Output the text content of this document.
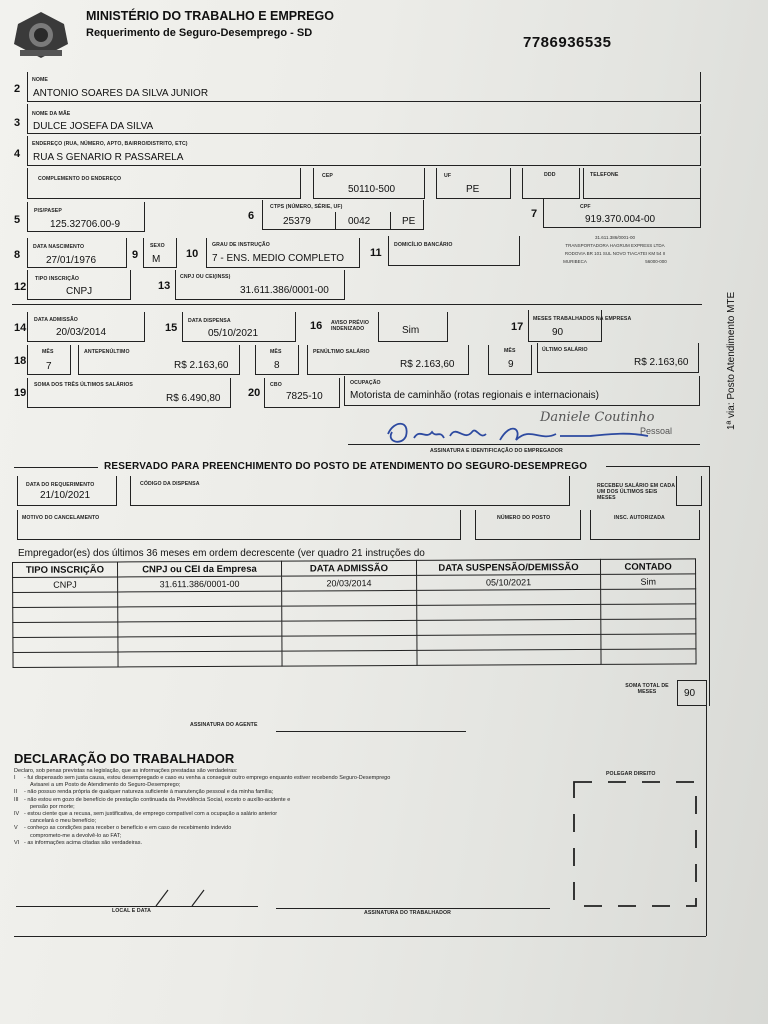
MINISTÉRIO DO TRABALHO E EMPREGO
Requerimento de Seguro-Desemprego - SD
7786936535
1ª via: Posto Atendimento MTE
2
NOME
ANTONIO SOARES DA SILVA JUNIOR
3
NOME DA MÃE
DULCE JOSEFA DA SILVA
4
ENDEREÇO (RUA, NÚMERO, APTO, BAIRRO/DISTRITO, ETC)
RUA S GENARIO R PASSARELA
COMPLEMENTO DO ENDEREÇO	CEP
50110-500
UF
PE
DDD	TELEFONE
5
PIS/PASEP
125.32706.00-9
6
CTPS (NÚMERO, SÉRIE, UF)
25379	0042	PE
7
CPF
919.370.004-00
8
DATA NASCIMENTO
27/01/1976	9
SEXO
M 10
GRAU DE INSTRUÇÃO
7 - ENS. MEDIO COMPLETO 11
DOMICÍLIO BANCÁRIO
31.611.386/0001-00
TRANSPORTADORA HAGRUM EXPRESS LTDA
RODOVIA BR 101 SUL NOVO TIACATEI KM 54 II
MURIBECA	56000-000
12
TIPO INSCRIÇÃO
CNPJ	13
CNPJ OU CEI(INSS)
31.611.386/0001-00
14
DATA ADMISSÃO
20/03/2014	15
DATA DISPENSA
05/10/2021
16 AVISO PRÉVIO INDENIZADO	Sim	17
MESES TRABALHADOS NA EMPRESA
90
18
MÊS
7
ANTEPENÚLTIMO
R$ 2.163,60
MÊS
8
PENÚLTIMO SALÁRIO
R$ 2.163,60
MÊS
9
ÚLTIMO SALÁRIO
R$ 2.163,60
19
SOMA DOS TRÊS ÚLTIMOS SALÁRIOS
R$ 6.490,80	20
CBO
7825-10
OCUPAÇÃO
Motorista de caminhão (rotas regionais e internacionais)
Daniele Coutinho
Pessoal
ASSINATURA E IDENTIFICAÇÃO DO EMPREGADOR
RESERVADO PARA PREENCHIMENTO DO POSTO DE ATENDIMENTO DO SEGURO-DESEMPREGO
DATA DO REQUERIMENTO
21/10/2021
CÓDIGO DA DISPENSA	RECEBEU SALÁRIO EM CADA UM DOS ÚLTIMOS SEIS MESES
MOTIVO DO CANCELAMENTO	NÚMERO DO POSTO	INSC. AUTORIZADA
Empregador(es) dos últimos 36 meses em ordem decrescente (ver quadro 21 instruções do
TIPO INSCRIÇÃO	CNPJ ou CEI da Empresa	DATA ADMISSÃO	DATA SUSPENSÃO/DEMISSÃO	CONTADO
CNPJ	31.611.386/0001-00	20/03/2014	05/10/2021	Sim

SOMA TOTAL DE MESES	90
ASSINATURA DO AGENTE
DECLARAÇÃO DO TRABALHADOR
Declaro, sob penas previstas na legislação, que as informações prestadas são verdadeiras:
I - fui dispensado sem justa causa, estou desempregado e caso eu venha a conseguir outro emprego enquanto estiver recebendo Seguro-Desemprego
Avisarei a um Posto de Atendimento do Seguro-Desemprego;
II - não possuo renda própria de qualquer natureza suficiente à manutenção pessoal e da minha família;
III - não estou em gozo de benefício de prestação continuada da Previdência Social, exceto o auxílio-acidente e
pensão por morte;
IV - estou ciente que a recusa, sem justificativa, de emprego compatível com a ocupação a salário anterior
cancelará o meu benefício;
V - conheço as condições para receber o benefício e em caso de recebimento indevido
comprometo-me a devolvê-lo ao FAT;
VI - as informações acima citadas são verdadeiras.
POLEGAR DIREITO
LOCAL E DATA	ASSINATURA DO TRABALHADOR
